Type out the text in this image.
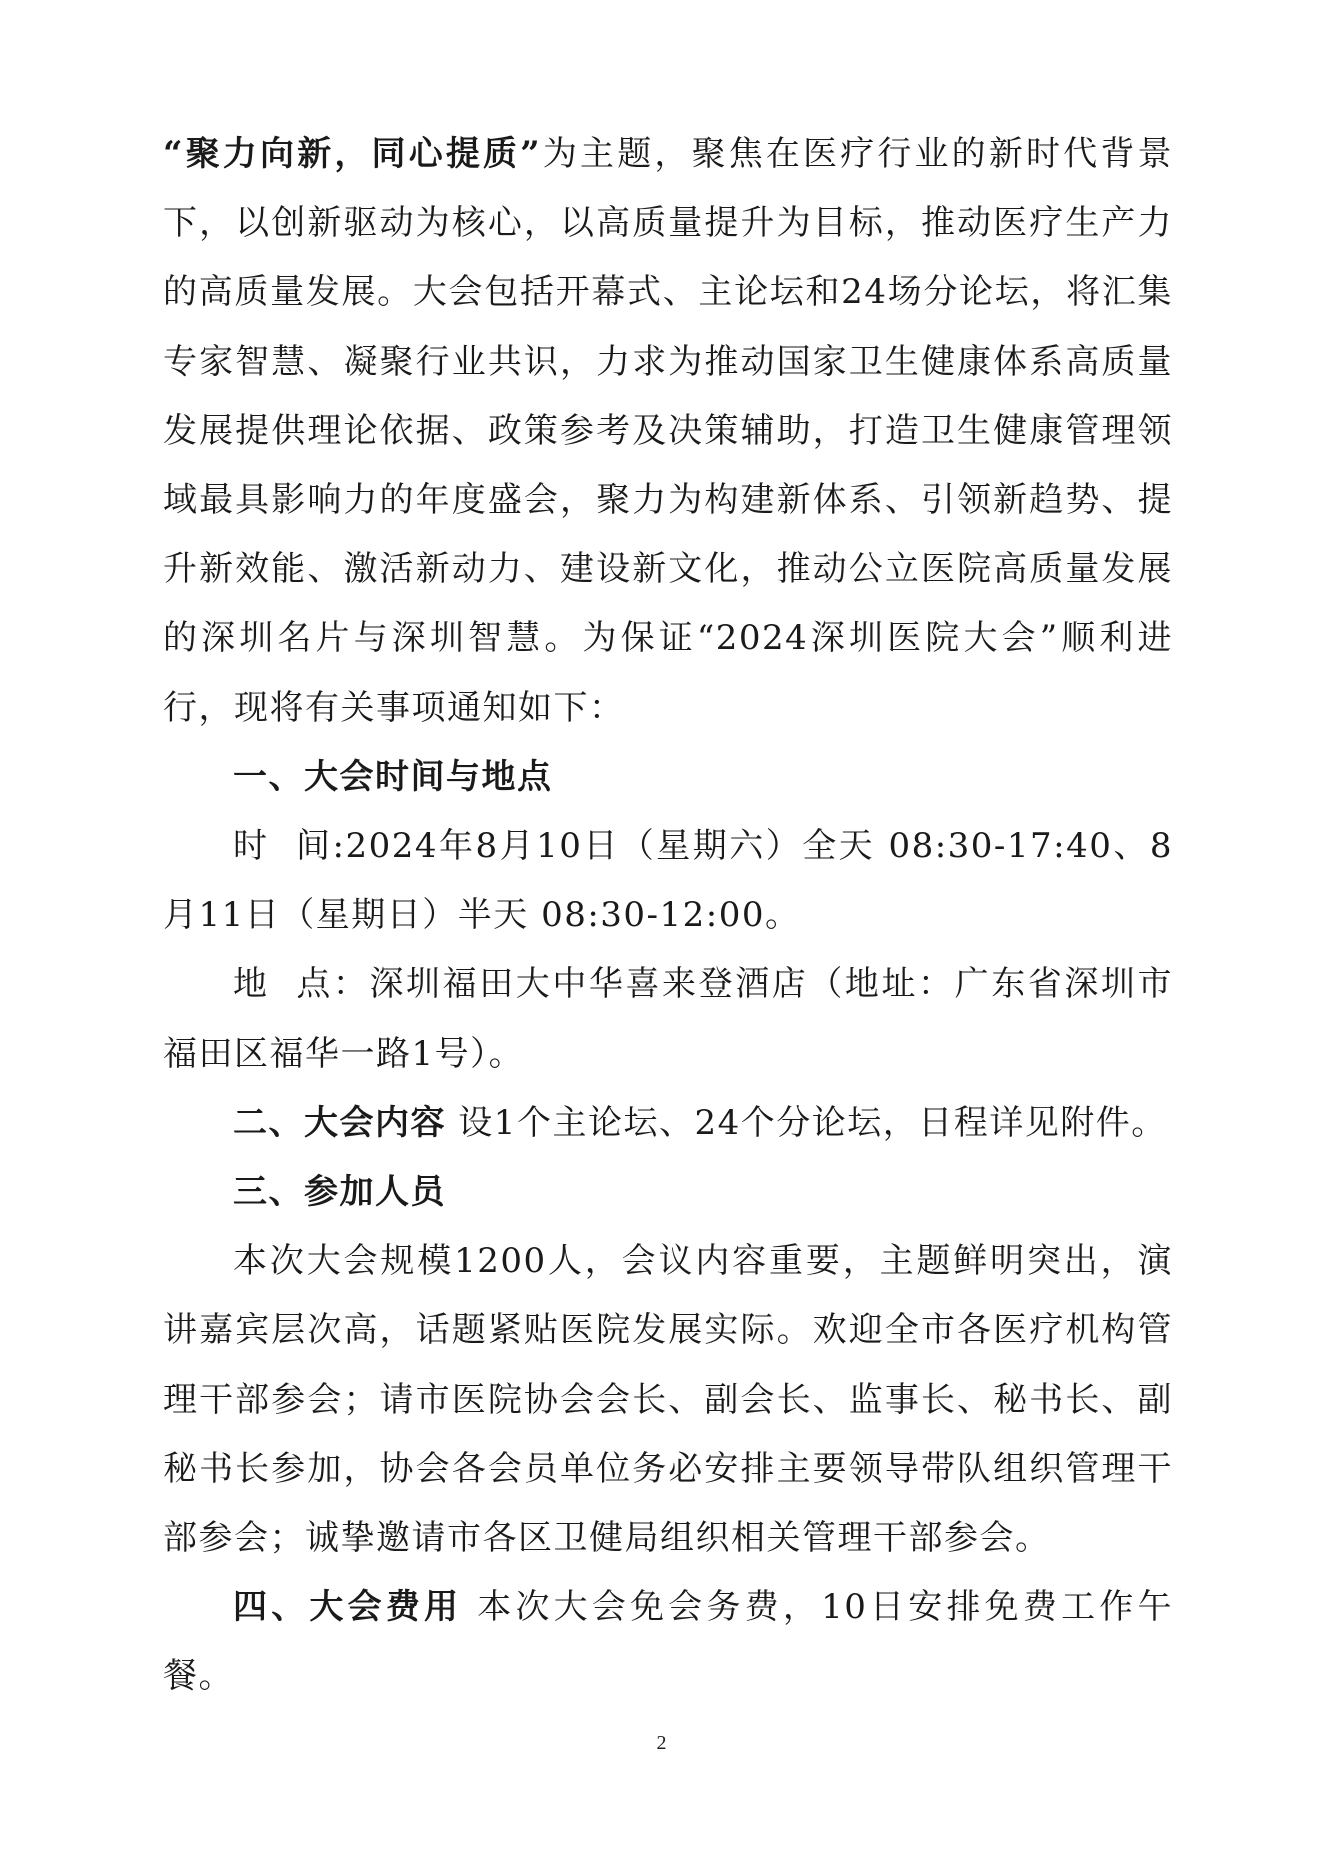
“聚力向新，同心提质”为主题，聚焦在医疗行业的新时代背景下，以创新驱动为核心，以高质量提升为目标，推动医疗生产力的高质量发展。大会包括开幕式、主论坛和24场分论坛，将汇集专家智慧、凝聚行业共识，力求为推动国家卫生健康体系高质量发展提供理论依据、政策参考及决策辅助，打造卫生健康管理领域最具影响力的年度盛会，聚力为构建新体系、引领新趋势、提升新效能、激活新动力、建设新文化，推动公立医院高质量发展的深圳名片与深圳智慧。为保证“2024深圳医院大会”顺利进行，现将有关事项通知如下：

一、大会时间与地点

时  间:2024年8月10日（星期六）全天 08:30-17:40、8月11日（星期日）半天 08:30-12:00。

地  点：深圳福田大中华喜来登酒店（地址：广东省深圳市福田区福华一路1号）。

二、大会内容 设1个主论坛、24个分论坛，日程详见附件。

三、参加人员

本次大会规模1200人，会议内容重要，主题鲜明突出，演讲嘉宾层次高，话题紧贴医院发展实际。欢迎全市各医疗机构管理干部参会；请市医院协会会长、副会长、监事长、秘书长、副秘书长参加，协会各会员单位务必安排主要领导带队组织管理干部参会；诚挚邀请市各区卫健局组织相关管理干部参会。

四、大会费用 本次大会免会务费，10日安排免费工作午餐。

2
